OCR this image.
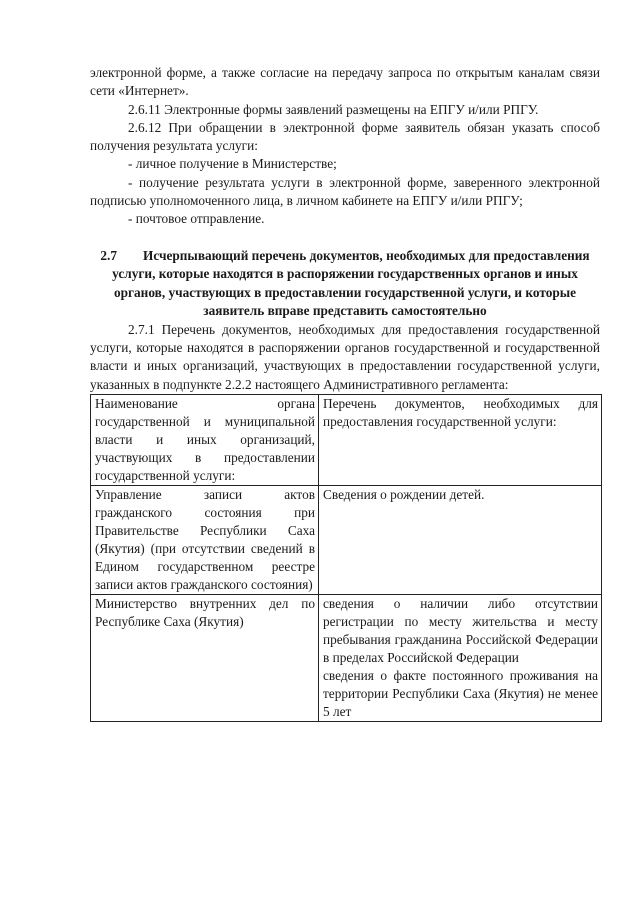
электронной форме, а также согласие на передачу запроса по открытым каналам связи сети «Интернет».

2.6.11 Электронные формы заявлений размещены на ЕПГУ и/или РПГУ.

2.6.12 При обращении в электронной форме заявитель обязан указать способ получения результата услуги:

- личное получение в Министерстве;

- получение результата услуги в электронной форме, заверенного электронной подписью уполномоченного лица, в личном кабинете на ЕПГУ и/или РПГУ;

- почтовое отправление.

2.7 Исчерпывающий перечень документов, необходимых для предоставления услуги, которые находятся в распоряжении государственных органов и иных органов, участвующих в предоставлении государственной услуги, и которые заявитель вправе представить самостоятельно

2.7.1 Перечень документов, необходимых для предоставления государственной услуги, которые находятся в распоряжении органов государственной и государственной власти и иных организаций, участвующих в предоставлении государственной услуги, указанных в подпункте 2.2.2 настоящего Административного регламента:

Наименование органа государственной и муниципальной власти и иных организаций, участвующих в предоставлении государственной услуги:	Перечень документов, необходимых для предоставления государственной услуги:
Управление записи актов гражданского состояния при Правительстве Республики Саха (Якутия) (при отсутствии сведений в Едином государственном реестре записи актов гражданского состояния)	Сведения о рождении детей.

Министерство внутренних дел по Республике Саха (Якутия)	сведения о наличии либо отсутствии регистрации по месту жительства и месту пребывания гражданина Российской Федерации в пределах Российской Федерации
сведения о факте постоянного проживания на территории Республики Саха (Якутия) не менее 5 лет
